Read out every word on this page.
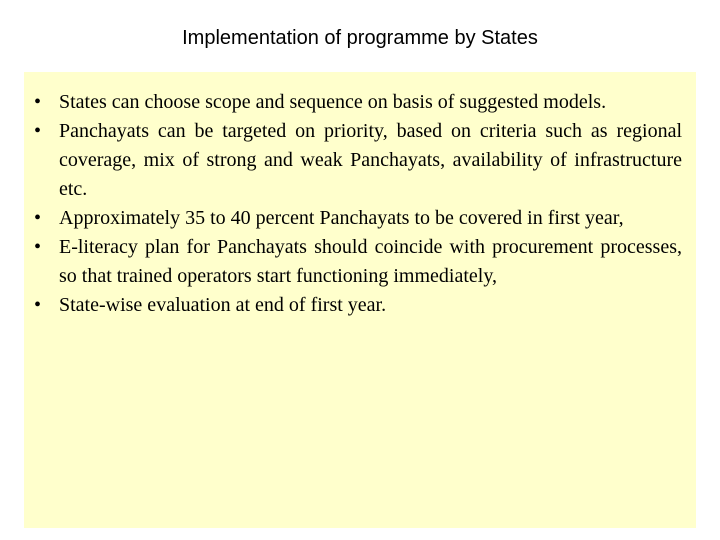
Implementation of programme by States
• States can choose scope and sequence on basis of suggested models.
• Panchayats can be targeted on priority, based on criteria such as regional coverage, mix of strong and weak Panchayats, availability of infrastructure etc.
• Approximately 35 to 40 percent Panchayats to be covered in first year,
• E-literacy plan for Panchayats should coincide with procurement processes, so that trained operators start functioning immediately,
• State-wise evaluation at end of first year.
